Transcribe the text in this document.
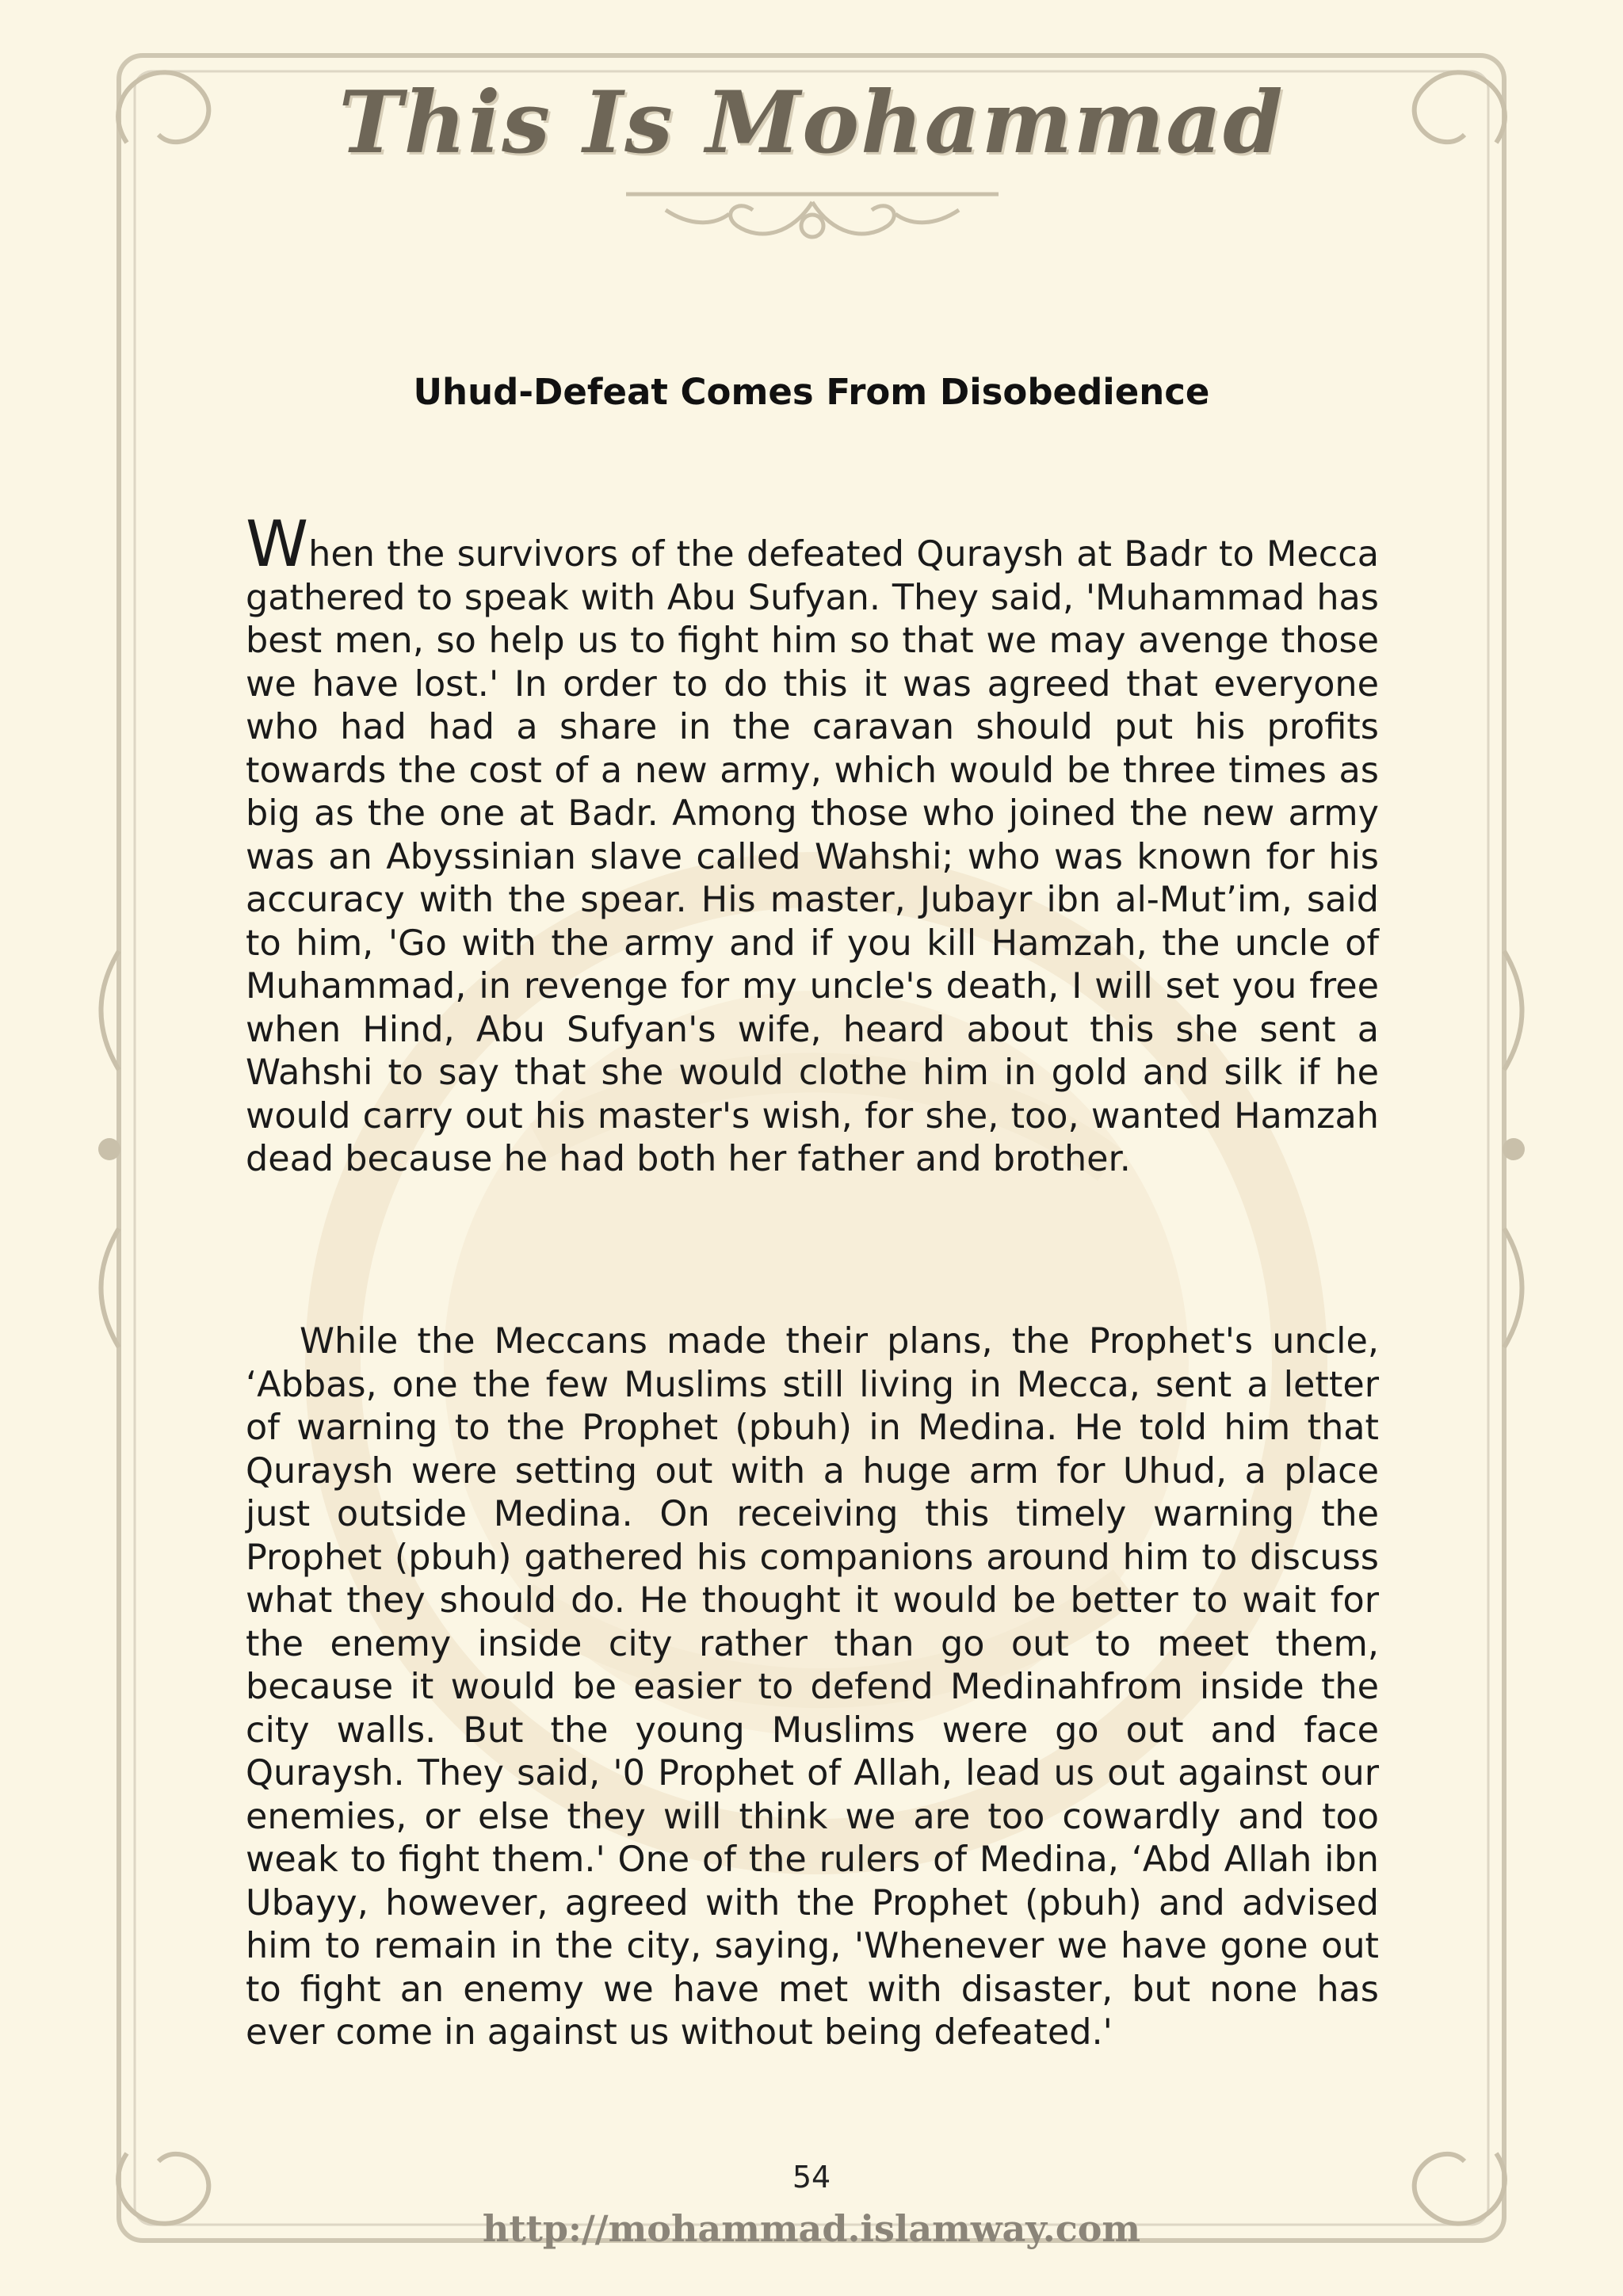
This Is Mohammad
Uhud-Defeat Comes From Disobedience
When the survivors of the defeated Quraysh at Badr to Mecca gathered to speak with Abu Sufyan. They said, 'Muhammad has best men, so help us to fight him so that we may avenge those we have lost.' In order to do this it was agreed that everyone who had had a share in the caravan should put his profits towards the cost of a new army, which would be three times as big as the one at Badr. Among those who joined the new army was an Abyssinian slave called Wahshi; who was known for his accuracy with the spear. His master, Jubayr ibn al-Mut’im, said to him, 'Go with the army and if you kill Hamzah, the uncle of Muhammad, in revenge for my uncle's death, I will set you free when Hind, Abu Sufyan's wife, heard about this she sent a Wahshi to say that she would clothe him in gold and silk if he would carry out his master's wish, for she, too, wanted Hamzah dead because he had both her father and brother.
While the Meccans made their plans, the Prophet's uncle, ‘Abbas, one the few Muslims still living in Mecca, sent a letter of warning to the Prophet (pbuh) in Medina. He told him that Quraysh were setting out with a huge arm for Uhud, a place just outside Medina. On receiving this timely warning the Prophet (pbuh) gathered his companions around him to discuss what they should do. He thought it would be better to wait for the enemy inside city rather than go out to meet them, because it would be easier to defend Medinahfrom inside the city walls. But the young Muslims were go out and face Quraysh. They said, '0 Prophet of Allah, lead us out against our enemies, or else they will think we are too cowardly and too weak to fight them.' One of the rulers of Medina, ‘Abd Allah ibn Ubayy, however, agreed with the Prophet (pbuh) and advised him to remain in the city, saying, 'Whenever we have gone out to fight an enemy we have met with disaster, but none has ever come in against us without being defeated.'
54
http://mohammad.islamway.com
